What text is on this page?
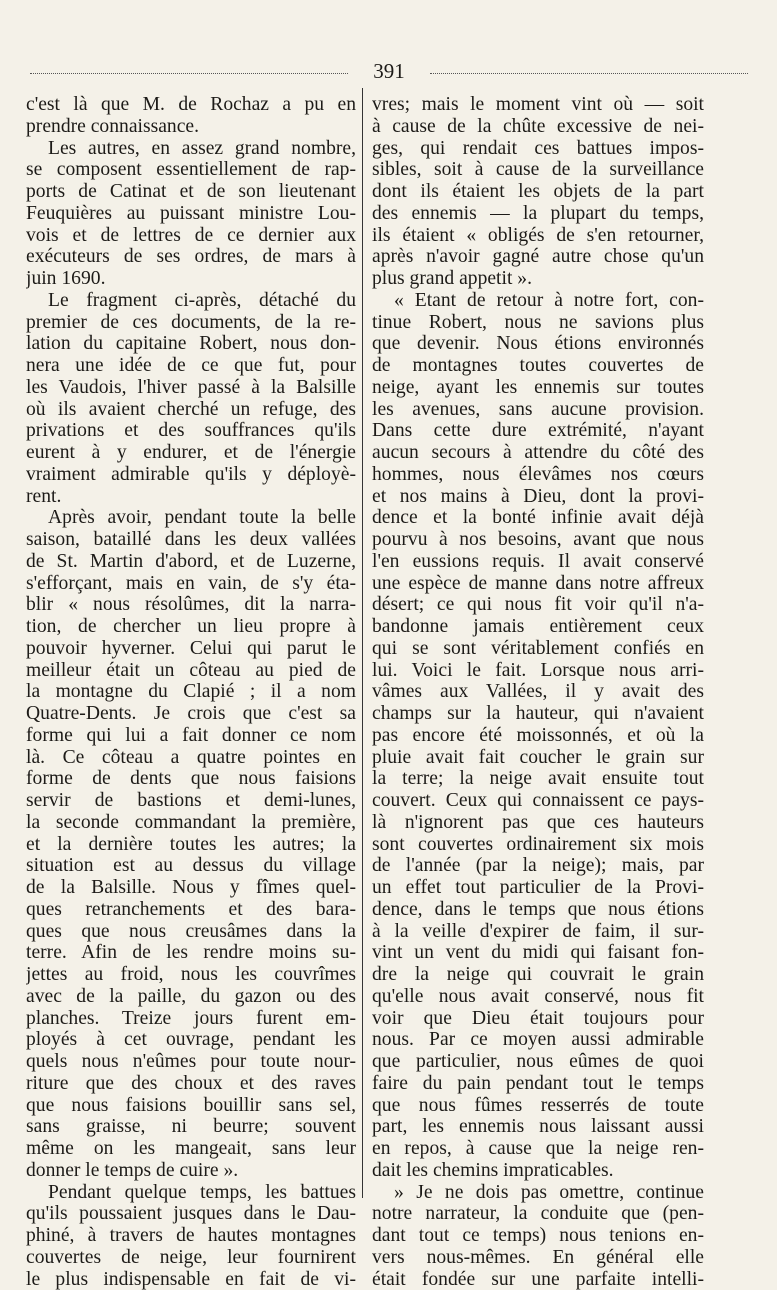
391
c'est là que M. de Rochaz a pu en
prendre connaissance.
Les autres, en assez grand nombre,
se composent essentiellement de rap-
ports de Catinat et de son lieutenant
Feuquières au puissant ministre Lou-
vois et de lettres de ce dernier aux
exécuteurs de ses ordres, de mars à
juin 1690.
Le fragment ci-après, détaché du
premier de ces documents, de la re-
lation du capitaine Robert, nous don-
nera une idée de ce que fut, pour
les Vaudois, l'hiver passé à la Balsille
où ils avaient cherché un refuge, des
privations et des souffrances qu'ils
eurent à y endurer, et de l'énergie
vraiment admirable qu'ils y déployè-
rent.
Après avoir, pendant toute la belle
saison, bataillé dans les deux vallées
de St. Martin d'abord, et de Luzerne,
s'efforçant, mais en vain, de s'y éta-
blir « nous résolûmes, dit la narra-
tion, de chercher un lieu propre à
pouvoir hyverner. Celui qui parut le
meilleur était un côteau au pied de
la montagne du Clapié ; il a nom
Quatre-Dents. Je crois que c'est sa
forme qui lui a fait donner ce nom
là. Ce côteau a quatre pointes en
forme de dents que nous faisions
servir de bastions et demi-lunes,
la seconde commandant la première,
et la dernière toutes les autres; la
situation est au dessus du village
de la Balsille. Nous y fîmes quel-
ques retranchements et des bara-
ques que nous creusâmes dans la
terre. Afin de les rendre moins su-
jettes au froid, nous les couvrîmes
avec de la paille, du gazon ou des
planches. Treize jours furent em-
ployés à cet ouvrage, pendant les
quels nous n'eûmes pour toute nour-
riture que des choux et des raves
que nous faisions bouillir sans sel,
sans graisse, ni beurre; souvent
même on les mangeait, sans leur
donner le temps de cuire ».
Pendant quelque temps, les battues
qu'ils poussaient jusques dans le Dau-
phiné, à travers de hautes montagnes
couvertes de neige, leur fournirent
le plus indispensable en fait de vi-
vres; mais le moment vint où — soit
à cause de la chûte excessive de nei-
ges, qui rendait ces battues impos-
sibles, soit à cause de la surveillance
dont ils étaient les objets de la part
des ennemis — la plupart du temps,
ils étaient « obligés de s'en retourner,
après n'avoir gagné autre chose qu'un
plus grand appetit ».
« Etant de retour à notre fort, con-
tinue Robert, nous ne savions plus
que devenir. Nous étions environnés
de montagnes toutes couvertes de
neige, ayant les ennemis sur toutes
les avenues, sans aucune provision.
Dans cette dure extrémité, n'ayant
aucun secours à attendre du côté des
hommes, nous élevâmes nos cœurs
et nos mains à Dieu, dont la provi-
dence et la bonté infinie avait déjà
pourvu à nos besoins, avant que nous
l'en eussions requis. Il avait conservé
une espèce de manne dans notre affreux
désert; ce qui nous fit voir qu'il n'a-
bandonne jamais entièrement ceux
qui se sont véritablement confiés en
lui. Voici le fait. Lorsque nous arri-
vâmes aux Vallées, il y avait des
champs sur la hauteur, qui n'avaient
pas encore été moissonnés, et où la
pluie avait fait coucher le grain sur
la terre; la neige avait ensuite tout
couvert. Ceux qui connaissent ce pays-
là n'ignorent pas que ces hauteurs
sont couvertes ordinairement six mois
de l'année (par la neige); mais, par
un effet tout particulier de la Provi-
dence, dans le temps que nous étions
à la veille d'expirer de faim, il sur-
vint un vent du midi qui faisant fon-
dre la neige qui couvrait le grain
qu'elle nous avait conservé, nous fit
voir que Dieu était toujours pour
nous. Par ce moyen aussi admirable
que particulier, nous eûmes de quoi
faire du pain pendant tout le temps
que nous fûmes resserrés de toute
part, les ennemis nous laissant aussi
en repos, à cause que la neige ren-
dait les chemins impraticables.
» Je ne dois pas omettre, continue
notre narrateur, la conduite que (pen-
dant tout ce temps) nous tenions en-
vers nous-mêmes. En général elle
était fondée sur une parfaite intelli-
